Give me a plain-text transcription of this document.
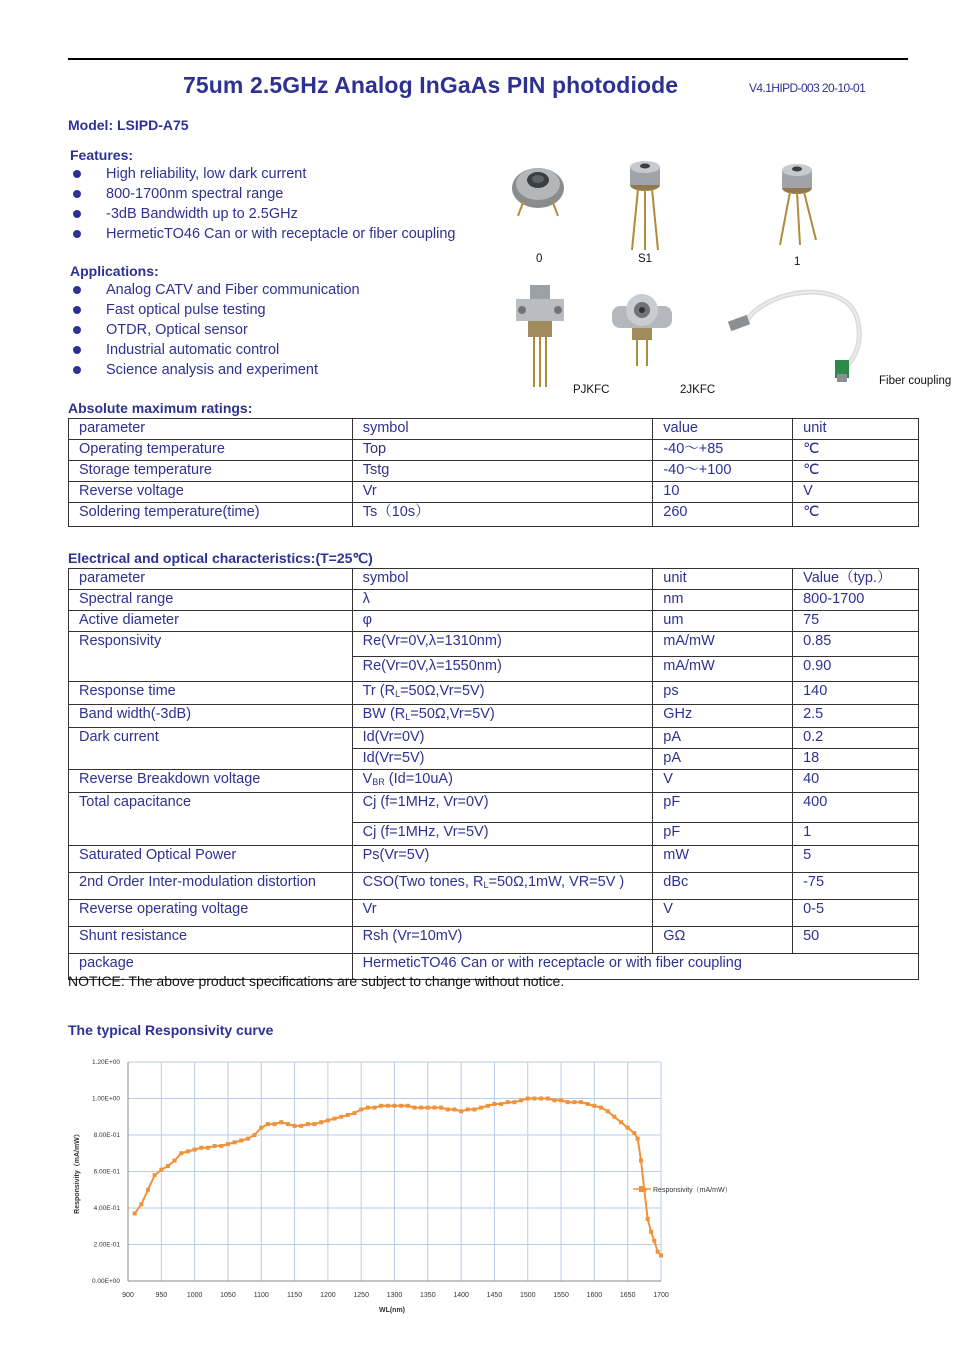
75um 2.5GHz Analog InGaAs PIN photodiode	V4.1HIPD-003 20-10-01
Model: LSIPD-A75
Features:
High reliability, low dark current
800-1700nm spectral range
-3dB Bandwidth up to 2.5GHz
HermeticTO46 Can or with receptacle or fiber coupling
Applications:
Analog CATV and Fiber communication
Fast optical pulse testing
OTDR, Optical sensor
Industrial automatic control
Science analysis and experiment
0	S1	1
PJKFC	2JKFC
Fiber coupling
Absolute maximum ratings:
parameter	symbol	value	unit
Operating temperature	Top	-40～+85	℃
Storage temperature	Tstg	-40～+100	℃
Reverse voltage	Vr	10	V
Soldering temperature(time)	Ts（10s）	260	℃
Electrical and optical characteristics:(T=25℃)
parameter	symbol	unit	Value（typ.）
Spectral range	λ	nm	800-1700
Active diameter	φ	um	75
Responsivity	Re(Vr=0V,λ=1310nm)	mA/mW	0.85
	Re(Vr=0V,λ=1550nm)	mA/mW	0.90
Response time	Tr $(R_L=50\Omega,Vr=5V)$	ps	140
Band width(-3dB)	BW $(R_L=50\Omega,Vr=5V)$	GHz	2.5
Dark current	Id(Vr=0V)	pA	0.2
	Id(Vr=5V)	pA	18
Reverse Breakdown voltage	$V_{BR}$ (Id=10uA)	V	40
Total capacitance	Cj (f=1MHz, Vr=0V)	pF	400
	Cj (f=1MHz, Vr=5V)	pF	1
Saturated Optical Power	Ps(Vr=5V)	mW	5
2nd Order Inter-modulation distortion	CSO(Two tones, $R_L=50\Omega,1mW$, VR=5V )	dBc	-75
Reverse operating voltage	Vr	V	0-5
Shunt resistance	Rsh (Vr=10mV)	GΩ	50
package	HermeticTO46 Can or with receptacle or with fiber coupling		
NOTICE: The above product specifications are subject to change without notice.
The typical Responsivity curve
0.00E+00
2.00E-01
4.00E-01
6.00E-01
8.00E-01
1.00E+00
1.20E+00
900	950	1000	1050	1100	1150	1200	1250	1300	1350	1400	1450	1500	1550	1600	1650	1700
WL(nm)
Responsivity（mA/mW）	Responsivity（mA/mW）
